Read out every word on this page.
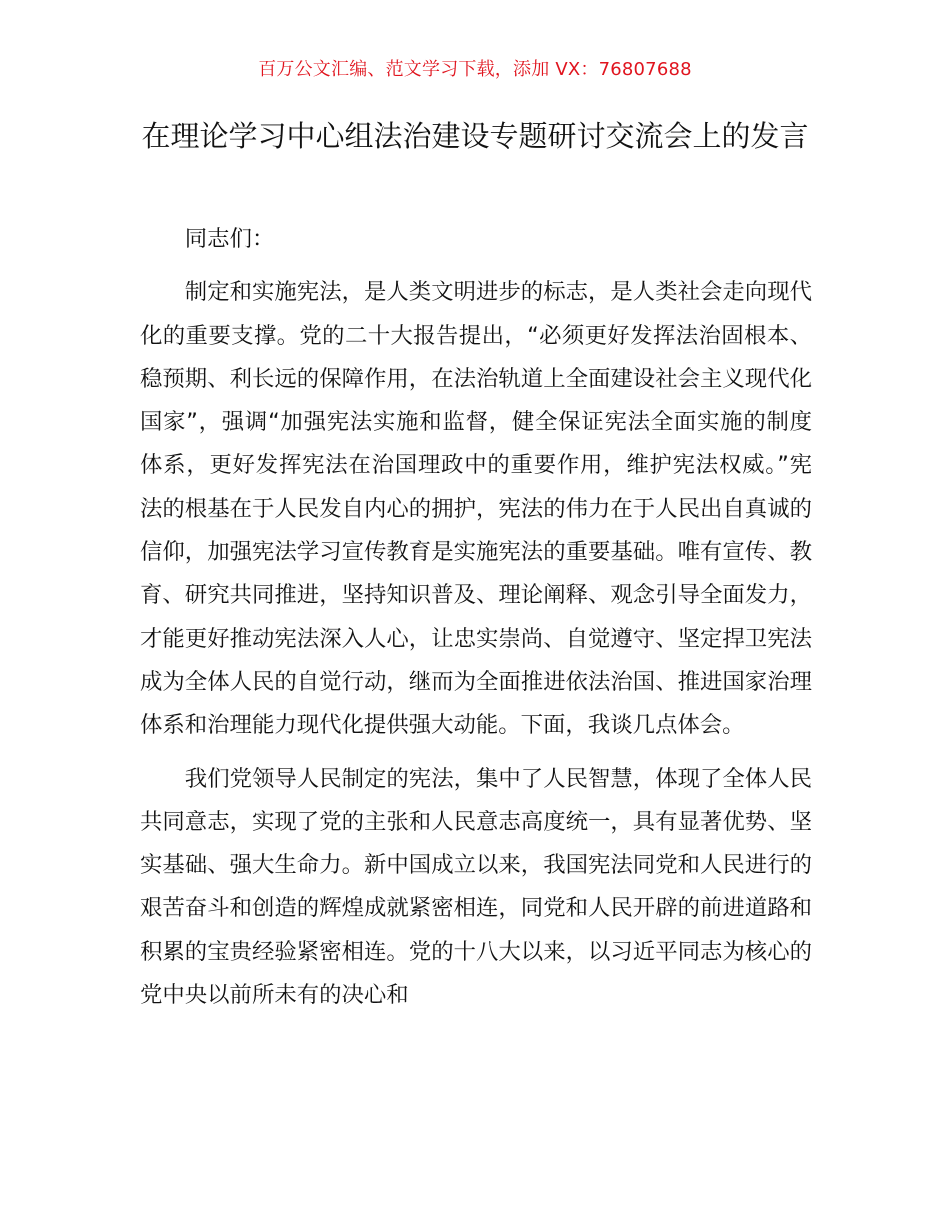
百万公文汇编、范文学习下载，添加 VX：76807688
在理论学习中心组法治建设专题研讨交流会上的发言

同志们：

制定和实施宪法，是人类文明进步的标志，是人类社会走向现代化的重要支撑。党的二十大报告提出，“必须更好发挥法治固根本、稳预期、利长远的保障作用，在法治轨道上全面建设社会主义现代化国家”，强调“加强宪法实施和监督，健全保证宪法全面实施的制度体系，更好发挥宪法在治国理政中的重要作用，维护宪法权威。”宪法的根基在于人民发自内心的拥护，宪法的伟力在于人民出自真诚的信仰，加强宪法学习宣传教育是实施宪法的重要基础。唯有宣传、教育、研究共同推进，坚持知识普及、理论阐释、观念引导全面发力，才能更好推动宪法深入人心，让忠实崇尚、自觉遵守、坚定捍卫宪法成为全体人民的自觉行动，继而为全面推进依法治国、推进国家治理体系和治理能力现代化提供强大动能。下面，我谈几点体会。

我们党领导人民制定的宪法，集中了人民智慧，体现了全体人民共同意志，实现了党的主张和人民意志高度统一，具有显著优势、坚实基础、强大生命力。新中国成立以来，我国宪法同党和人民进行的艰苦奋斗和创造的辉煌成就紧密相连，同党和人民开辟的前进道路和积累的宝贵经验紧密相连。党的十八大以来，以习近平同志为核心的党中央以前所未有的决心和
